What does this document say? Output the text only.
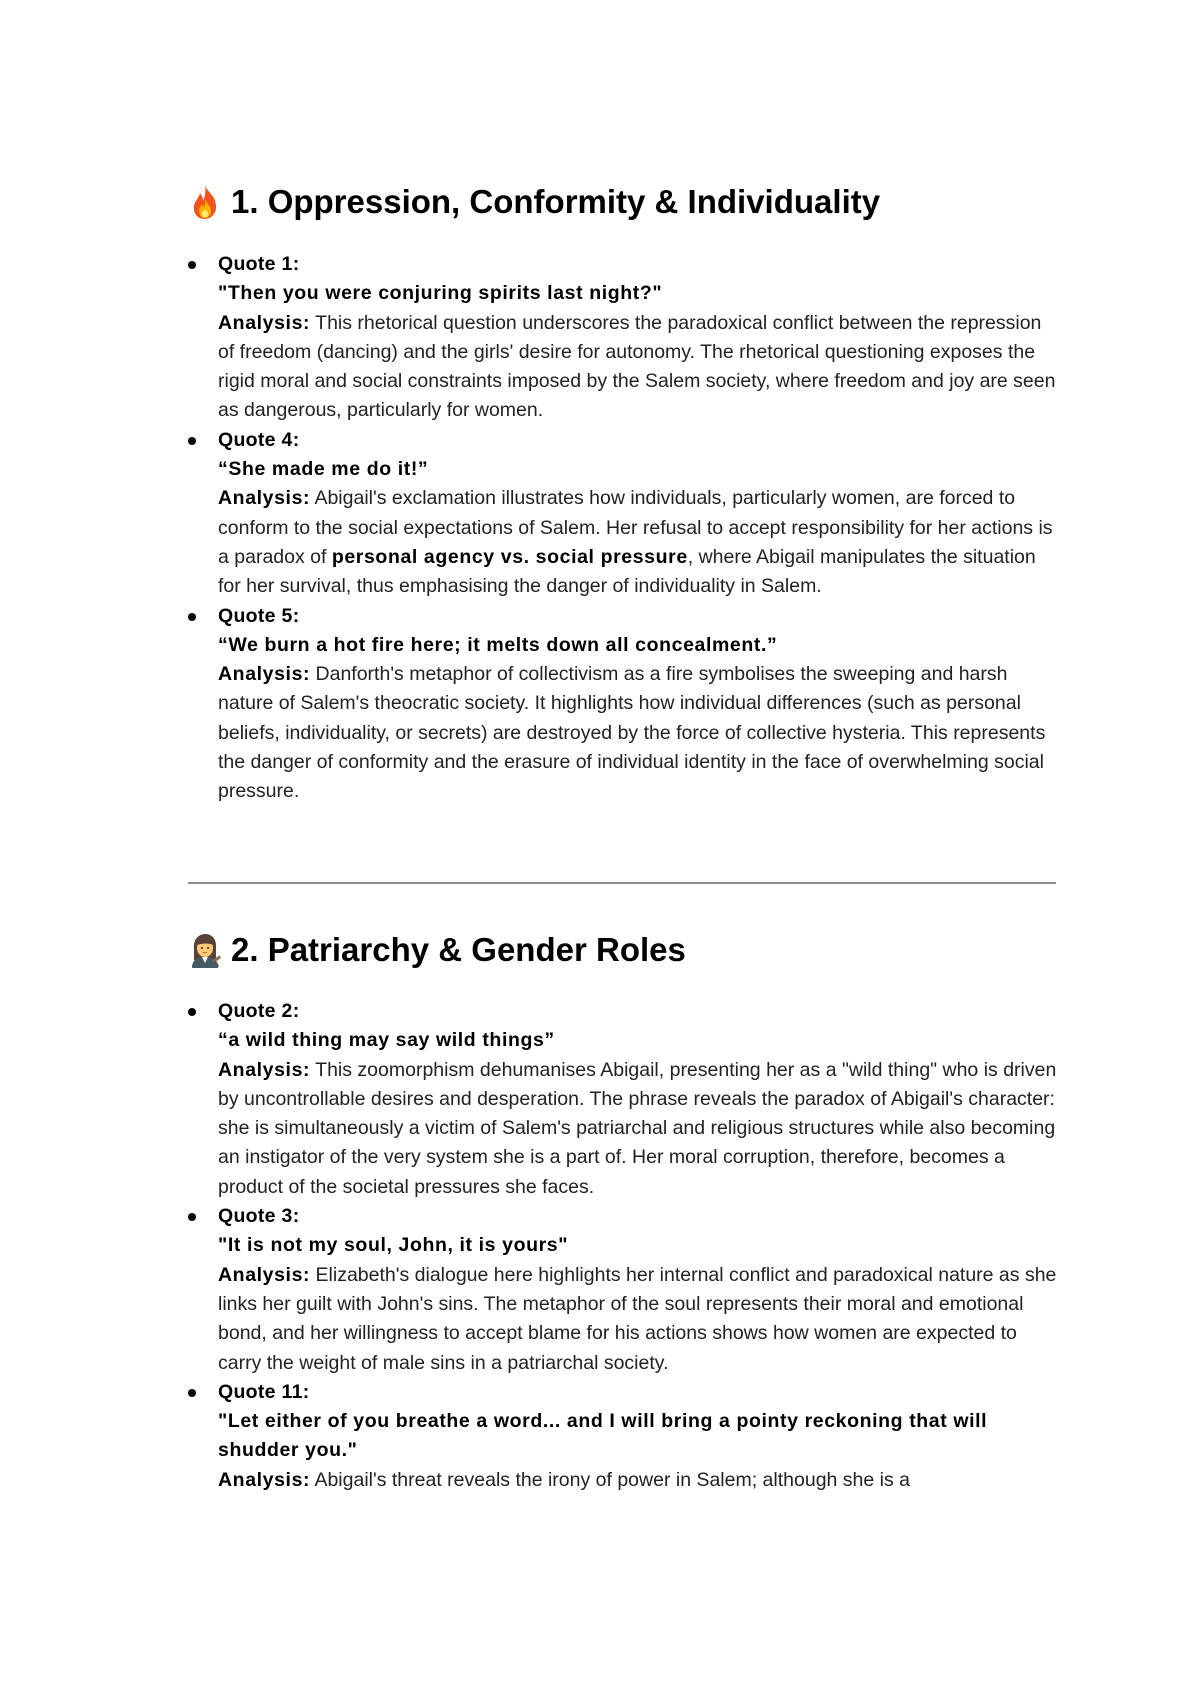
1. Oppression, Conformity & Individuality
Quote 1:
"Then you were conjuring spirits last night?"
Analysis: This rhetorical question underscores the paradoxical conflict between the repression of freedom (dancing) and the girls' desire for autonomy. The rhetorical questioning exposes the rigid moral and social constraints imposed by the Salem society, where freedom and joy are seen as dangerous, particularly for women.
Quote 4:
“She made me do it!”
Analysis: Abigail's exclamation illustrates how individuals, particularly women, are forced to conform to the social expectations of Salem. Her refusal to accept responsibility for her actions is a paradox of personal agency vs. social pressure, where Abigail manipulates the situation for her survival, thus emphasising the danger of individuality in Salem.
Quote 5:
“We burn a hot fire here; it melts down all concealment.”
Analysis: Danforth's metaphor of collectivism as a fire symbolises the sweeping and harsh nature of Salem's theocratic society. It highlights how individual differences (such as personal beliefs, individuality, or secrets) are destroyed by the force of collective hysteria. This represents the danger of conformity and the erasure of individual identity in the face of overwhelming social pressure.
2. Patriarchy & Gender Roles
Quote 2:
“a wild thing may say wild things”
Analysis: This zoomorphism dehumanises Abigail, presenting her as a "wild thing" who is driven by uncontrollable desires and desperation. The phrase reveals the paradox of Abigail's character: she is simultaneously a victim of Salem's patriarchal and religious structures while also becoming an instigator of the very system she is a part of. Her moral corruption, therefore, becomes a product of the societal pressures she faces.
Quote 3:
"It is not my soul, John, it is yours"
Analysis: Elizabeth's dialogue here highlights her internal conflict and paradoxical nature as she links her guilt with John's sins. The metaphor of the soul represents their moral and emotional bond, and her willingness to accept blame for his actions shows how women are expected to carry the weight of male sins in a patriarchal society.
Quote 11:
"Let either of you breathe a word... and I will bring a pointy reckoning that will shudder you."
Analysis: Abigail's threat reveals the irony of power in Salem; although she is a
